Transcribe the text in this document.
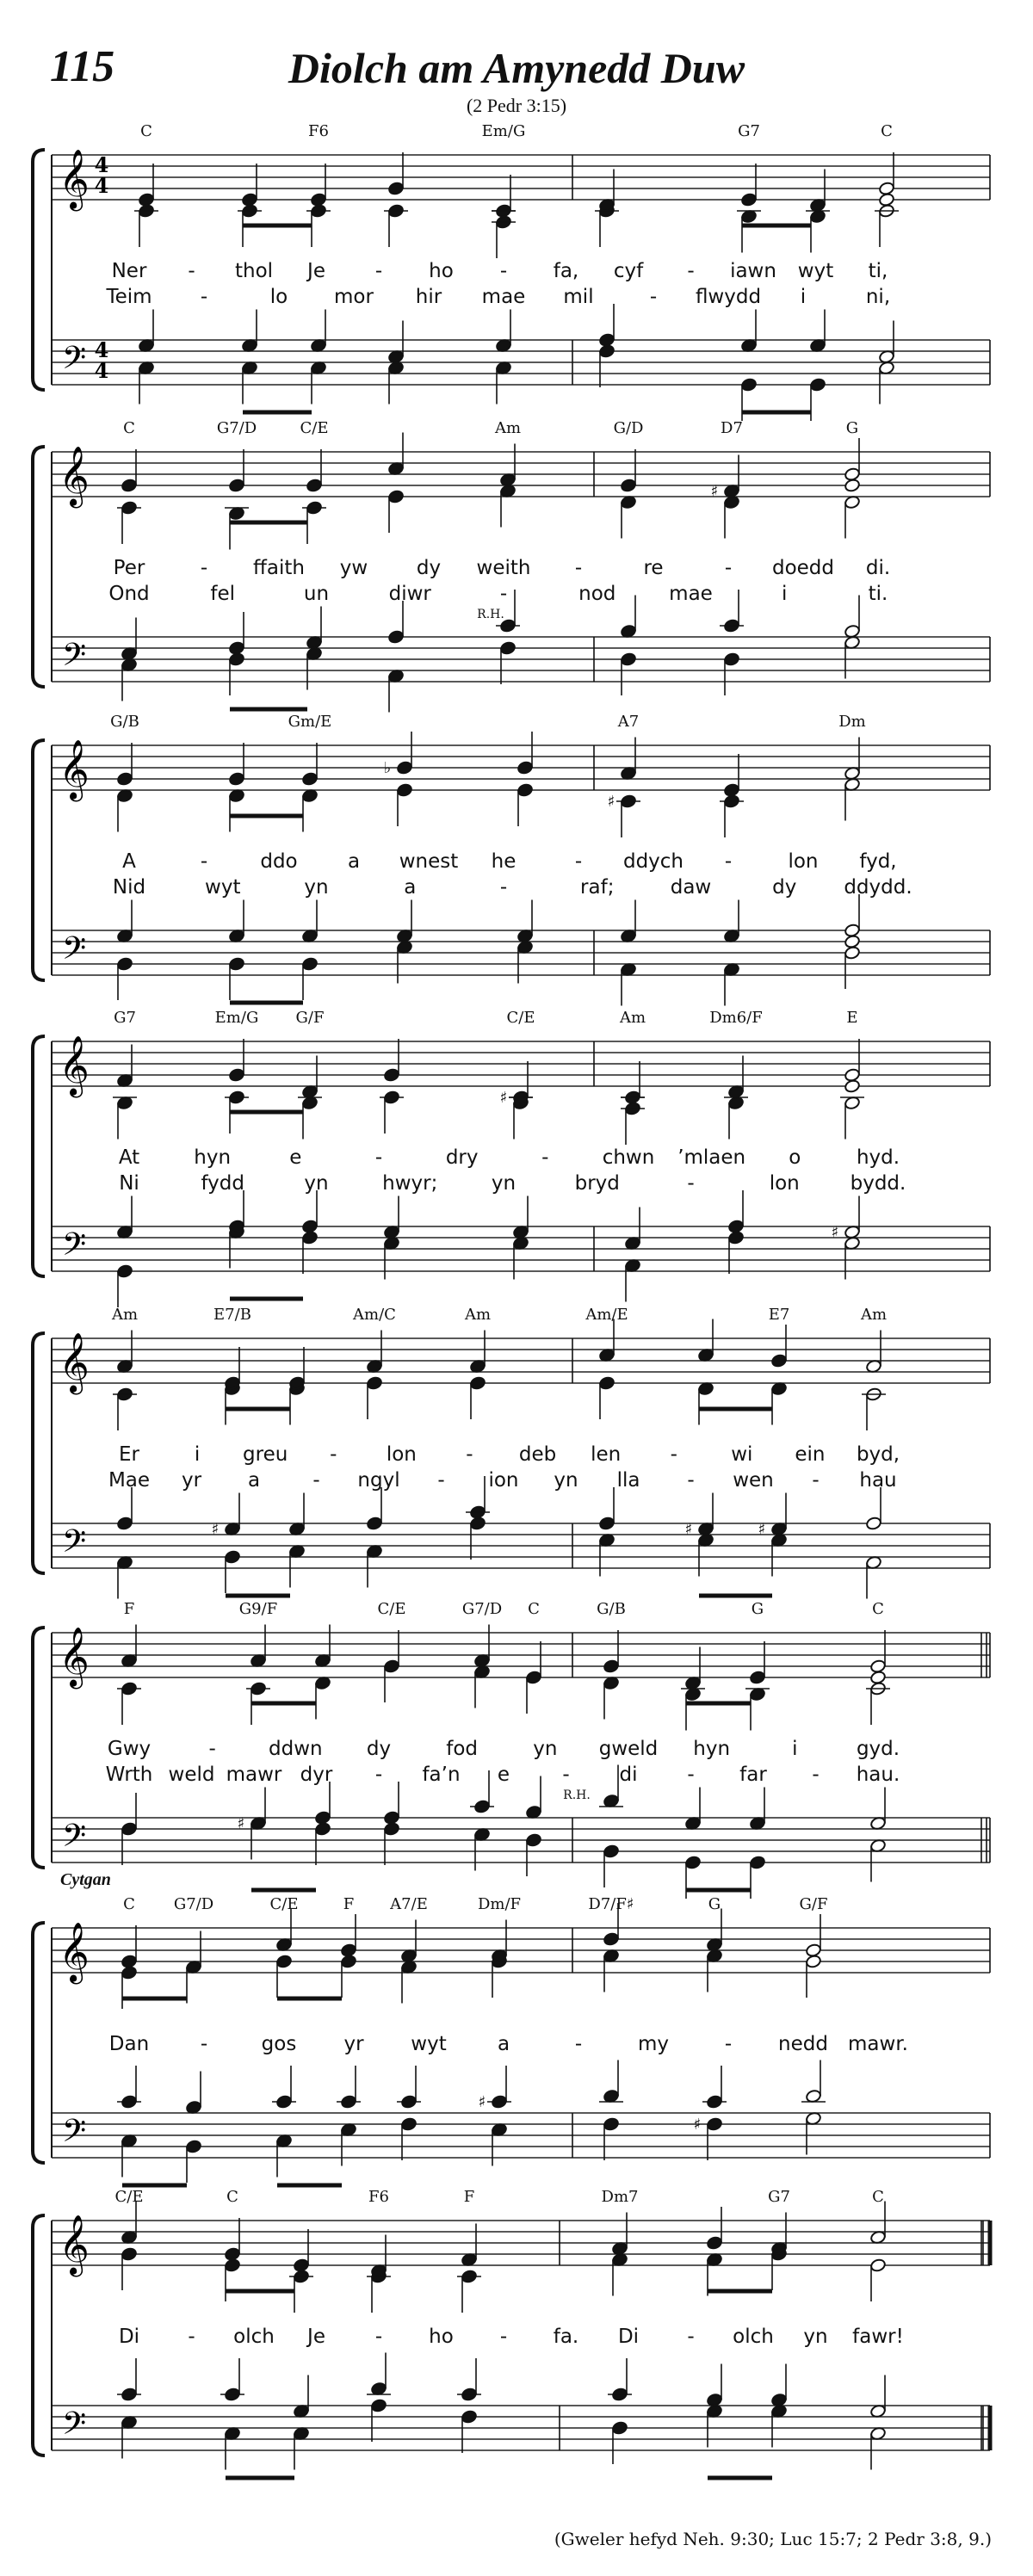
115	Diolch am Amynedd Duw
(2 Pedr 3:15)
𝄞
𝄢
4
4
4
4
C	F6	Em/G	G7	C
Ner - thol Je	- ho - fa, cyf - iawn wyt ti,
Teim -	lo mor hir mae mil	- flwydd i	ni,
𝄞
𝄢
♯
C	G7/D	C/E	Am	G/D	D7	G
Per	- ffaith yw dy weith -	re	- doedd di.
Ond	fel	un	diwr	-	nod	mae	i	ti.
R.H.
𝄞
𝄢
♭
♯
G/B	Gm/E	A7	Dm
A	-	ddo	a wnest he	- ddych -	lon fyd,
Nid	wyt	yn	a	-	raf;	daw	dy ddydd.
𝄞
𝄢
♯
♯
G7	Em/G G/F	C/E	Am	Dm6/F	E
At	hyn	e	-	dry	-	chwn ’mlaen o	hyd.
Ni	fydd	yn	hwyr;	yn	bryd	-	lon	bydd.
𝄞
𝄢	♯	♯	♯
Am	E7/B	Am/C	Am	Am/E	E7	Am
Er	i greu - lon - deb len -	wi ein byd,
Mae yr a	- ngyl - ion yn lla - wen - hau
𝄞
𝄢	♯
F	G9/F	C/E	G7/D C	G/B	G	C
Gwy	-	ddwn dy	fod	yn gweld hyn	i	gyd.
Wrth weld mawr dyr - fa’n e	-	di	- far - hau.
R.H.
𝄞
𝄢
♯
♯
C G7/D	C/E	F A7/E	Dm/F	D7/F♯	G	G/F
Cytgan
Dan	-	gos yr wyt	a	-	my	- nedd mawr.
𝄞
𝄢
C/E	C	F6	F	Dm7	G7	C
Di - olch Je	- ho - fa. Di - olch yn fawr!
(Gweler hefyd Neh. 9:30; Luc 15:7; 2 Pedr 3:8, 9.)
